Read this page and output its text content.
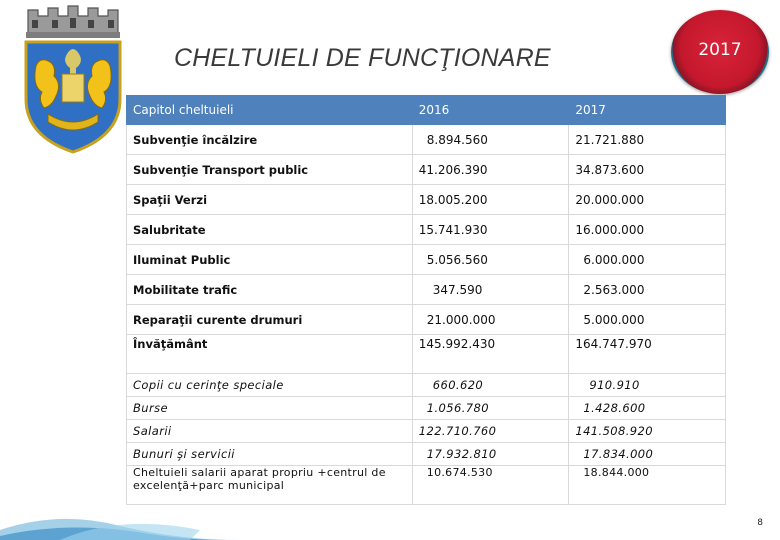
CHELTUIELI DE FUNCŢIONARE	2017
Capitol cheltuieli	2016	2017
Subvenţie încălzire	8.894.560	21.721.880
Subvenţie Transport public	41.206.390	34.873.600
Spaţii Verzi	18.005.200	20.000.000
Salubritate	15.741.930	16.000.000
Iluminat Public	5.056.560	6.000.000
Mobilitate trafic	347.590	2.563.000
Reparaţii curente drumuri	21.000.000	5.000.000
Învăţământ	145.992.430	164.747.970
Copii cu cerinţe speciale	660.620	910.910
Burse	1.056.780	1.428.600
Salarii	122.710.760	141.508.920
Bunuri şi servicii	17.932.810	17.834.000
Cheltuieli salarii aparat propriu +centrul de excelenţă+parc municipal	10.674.530	18.844.000
8
